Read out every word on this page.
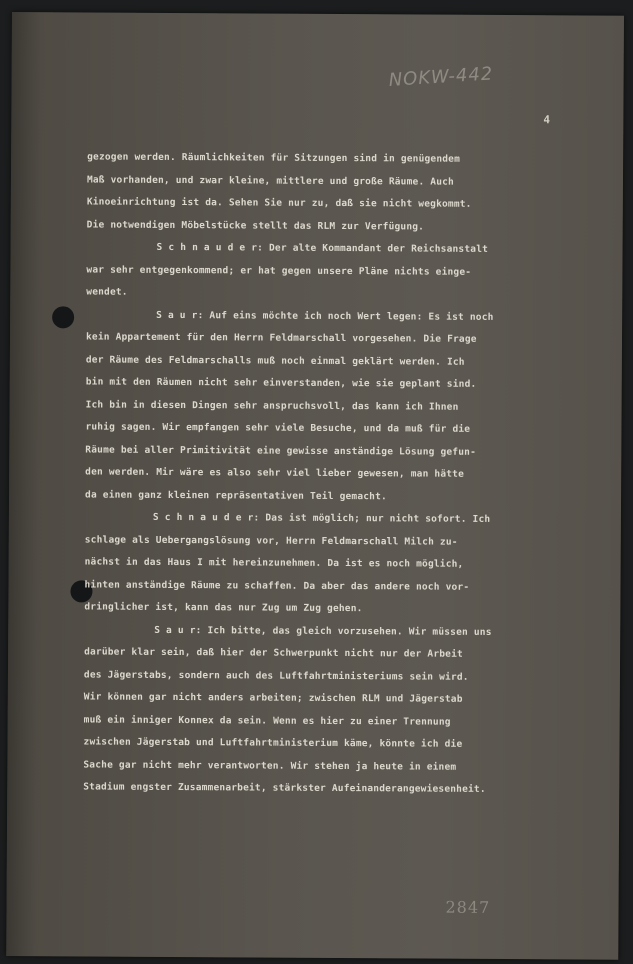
NOKW-442
4
gezogen werden. Räumlichkeiten für Sitzungen sind in genügendem
Maß vorhanden, und zwar kleine, mittlere und große Räume. Auch
Kinoeinrichtung ist da. Sehen Sie nur zu, daß sie nicht wegkommt.
Die notwendigen Möbelstücke stellt das RLM zur Verfügung.
S c h n a u d e r: Der alte Kommandant der Reichsanstalt
war sehr entgegenkommend; er hat gegen unsere Pläne nichts einge-
wendet.
S a u r: Auf eins möchte ich noch Wert legen: Es ist noch
kein Appartement für den Herrn Feldmarschall vorgesehen. Die Frage
der Räume des Feldmarschalls muß noch einmal geklärt werden. Ich
bin mit den Räumen nicht sehr einverstanden, wie sie geplant sind.
Ich bin in diesen Dingen sehr anspruchsvoll, das kann ich Ihnen
ruhig sagen. Wir empfangen sehr viele Besuche, und da muß für die
Räume bei aller Primitivität eine gewisse anständige Lösung gefun-
den werden. Mir wäre es also sehr viel lieber gewesen, man hätte
da einen ganz kleinen repräsentativen Teil gemacht.
S c h n a u d e r: Das ist möglich; nur nicht sofort. Ich
schlage als Uebergangslösung vor, Herrn Feldmarschall Milch zu-
nächst in das Haus I mit hereinzunehmen. Da ist es noch möglich,
hinten anständige Räume zu schaffen. Da aber das andere noch vor-
dringlicher ist, kann das nur Zug um Zug gehen.
S a u r: Ich bitte, das gleich vorzusehen. Wir müssen uns
darüber klar sein, daß hier der Schwerpunkt nicht nur der Arbeit
des Jägerstabs, sondern auch des Luftfahrtministeriums sein wird.
Wir können gar nicht anders arbeiten; zwischen RLM und Jägerstab
muß ein inniger Konnex da sein. Wenn es hier zu einer Trennung
zwischen Jägerstab und Luftfahrtministerium käme, könnte ich die
Sache gar nicht mehr verantworten. Wir stehen ja heute in einem
Stadium engster Zusammenarbeit, stärkster Aufeinanderangewiesenheit.
2847
